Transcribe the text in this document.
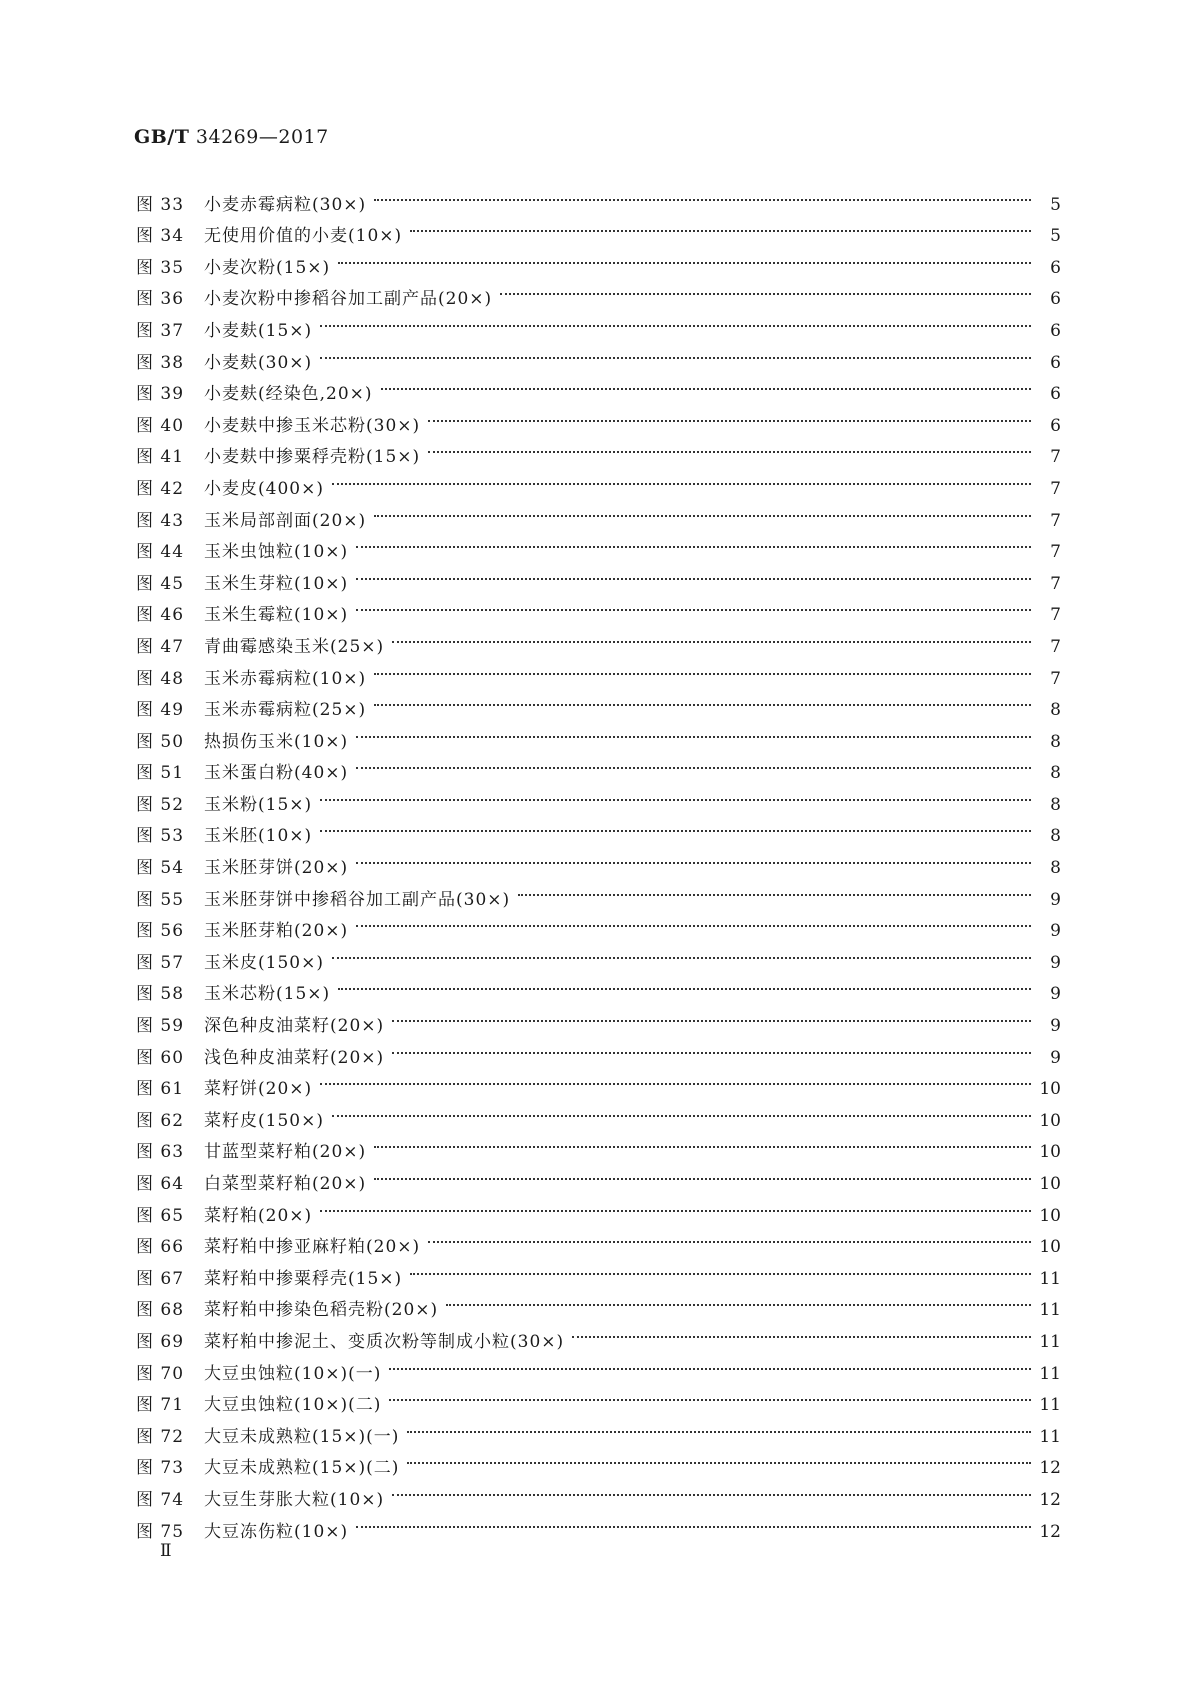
GB/T 34269—2017
图 33	小麦赤霉病粒(30×)	5
图 34	无使用价值的小麦(10×)	5
图 35	小麦次粉(15×)	6
图 36	小麦次粉中掺稻谷加工副产品(20×)	6
图 37	小麦麸(15×)	6
图 38	小麦麸(30×)	6
图 39	小麦麸(经染色,20×)	6
图 40	小麦麸中掺玉米芯粉(30×)	6
图 41	小麦麸中掺粟稃壳粉(15×)	7
图 42	小麦皮(400×)	7
图 43	玉米局部剖面(20×)	7
图 44	玉米虫蚀粒(10×)	7
图 45	玉米生芽粒(10×)	7
图 46	玉米生霉粒(10×)	7
图 47	青曲霉感染玉米(25×)	7
图 48	玉米赤霉病粒(10×)	7
图 49	玉米赤霉病粒(25×)	8
图 50	热损伤玉米(10×)	8
图 51	玉米蛋白粉(40×)	8
图 52	玉米粉(15×)	8
图 53	玉米胚(10×)	8
图 54	玉米胚芽饼(20×)	8
图 55	玉米胚芽饼中掺稻谷加工副产品(30×)	9
图 56	玉米胚芽粕(20×)	9
图 57	玉米皮(150×)	9
图 58	玉米芯粉(15×)	9
图 59	深色种皮油菜籽(20×)	9
图 60	浅色种皮油菜籽(20×)	9
图 61	菜籽饼(20×)	10
图 62	菜籽皮(150×)	10
图 63	甘蓝型菜籽粕(20×)	10
图 64	白菜型菜籽粕(20×)	10
图 65	菜籽粕(20×)	10
图 66	菜籽粕中掺亚麻籽粕(20×)	10
图 67	菜籽粕中掺粟稃壳(15×)	11
图 68	菜籽粕中掺染色稻壳粉(20×)	11
图 69	菜籽粕中掺泥土、变质次粉等制成小粒(30×)	11
图 70	大豆虫蚀粒(10×)(一)	11
图 71	大豆虫蚀粒(10×)(二)	11
图 72	大豆未成熟粒(15×)(一)	11
图 73	大豆未成熟粒(15×)(二)	12
图 74	大豆生芽胀大粒(10×)	12
图 75	大豆冻伤粒(10×)	12
Ⅱ
